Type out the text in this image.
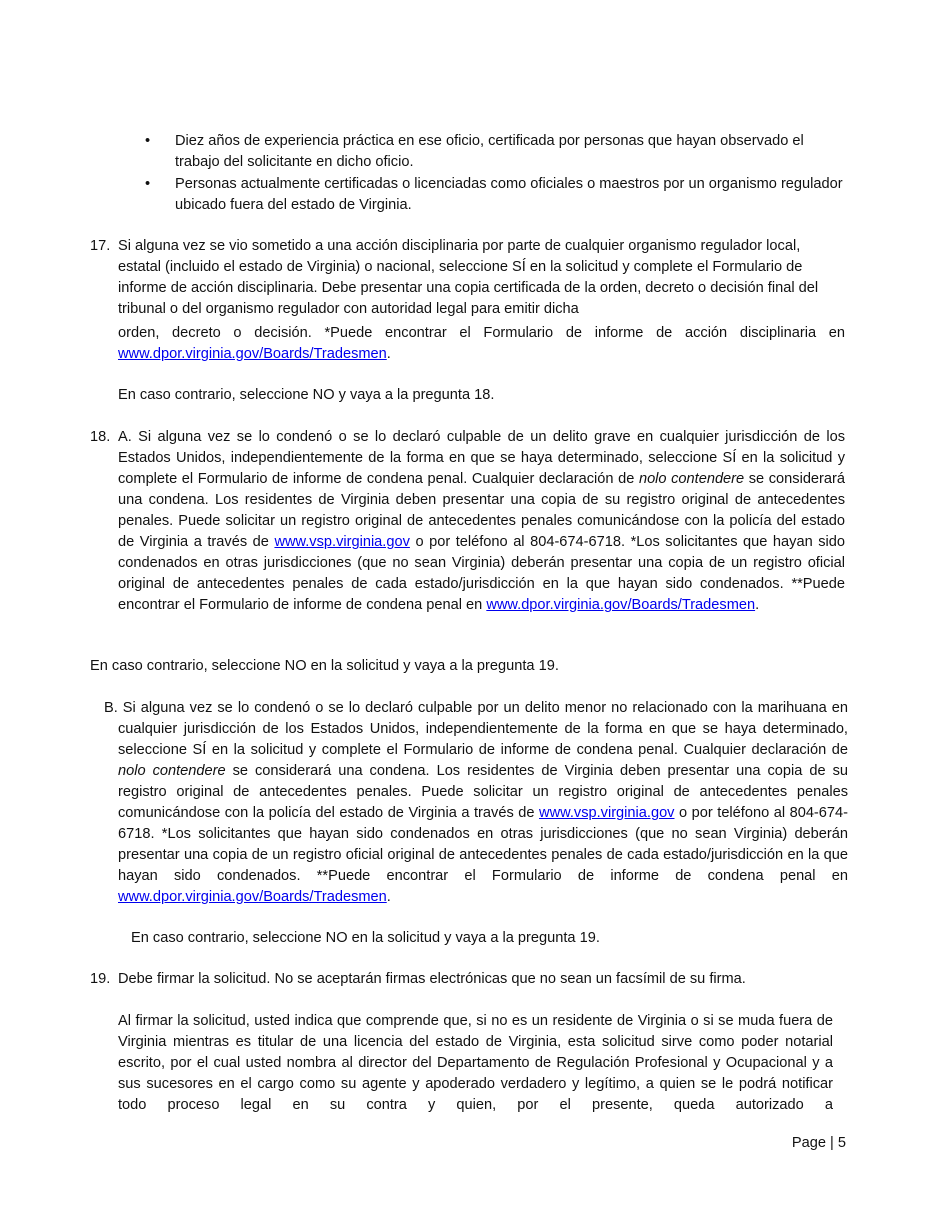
•	Diez años de experiencia práctica en ese oficio, certificada por personas que hayan observado el trabajo del solicitante en dicho oficio.
•	Personas actualmente certificadas o licenciadas como oficiales o maestros por un organismo regulador ubicado fuera del estado de Virginia.
17. Si alguna vez se vio sometido a una acción disciplinaria por parte de cualquier organismo regulador local, estatal (incluido el estado de Virginia) o nacional, seleccione SÍ en la solicitud y complete el Formulario de informe de acción disciplinaria. Debe presentar una copia certificada de la orden, decreto o decisión final del tribunal o del organismo regulador con autoridad legal para emitir dicha
orden, decreto o decisión. *Puede encontrar el Formulario de informe de acción disciplinaria en www.dpor.virginia.gov/Boards/Tradesmen.
En caso contrario, seleccione NO y vaya a la pregunta 18.
18. A. Si alguna vez se lo condenó o se lo declaró culpable de un delito grave en cualquier jurisdicción de los Estados Unidos, independientemente de la forma en que se haya determinado, seleccione SÍ en la solicitud y complete el Formulario de informe de condena penal. Cualquier declaración de nolo contendere se considerará una condena. Los residentes de Virginia deben presentar una copia de su registro original de antecedentes penales. Puede solicitar un registro original de antecedentes penales comunicándose con la policía del estado de Virginia a través de www.vsp.virginia.gov o por teléfono al 804-674-6718. *Los solicitantes que hayan sido condenados en otras jurisdicciones (que no sean Virginia) deberán presentar una copia de un registro oficial original de antecedentes penales de cada estado/jurisdicción en la que hayan sido condenados. **Puede encontrar el Formulario de informe de condena penal en www.dpor.virginia.gov/Boards/Tradesmen.
En caso contrario, seleccione NO en la solicitud y vaya a la pregunta 19.
B. Si alguna vez se lo condenó o se lo declaró culpable por un delito menor no relacionado con la marihuana en cualquier jurisdicción de los Estados Unidos, independientemente de la forma en que se haya determinado, seleccione SÍ en la solicitud y complete el Formulario de informe de condena penal. Cualquier declaración de nolo contendere se considerará una condena. Los residentes de Virginia deben presentar una copia de su registro original de antecedentes penales. Puede solicitar un registro original de antecedentes penales comunicándose con la policía del estado de Virginia a través de www.vsp.virginia.gov o por teléfono al 804-674-6718. *Los solicitantes que hayan sido condenados en otras jurisdicciones (que no sean Virginia) deberán presentar una copia de un registro oficial original de antecedentes penales de cada estado/jurisdicción en la que hayan sido condenados. **Puede encontrar el Formulario de informe de condena penal en www.dpor.virginia.gov/Boards/Tradesmen.
En caso contrario, seleccione NO en la solicitud y vaya a la pregunta 19.
19. Debe firmar la solicitud. No se aceptarán firmas electrónicas que no sean un facsímil de su firma.
Al firmar la solicitud, usted indica que comprende que, si no es un residente de Virginia o si se muda fuera de Virginia mientras es titular de una licencia del estado de Virginia, esta solicitud sirve como poder notarial escrito, por el cual usted nombra al director del Departamento de Regulación Profesional y Ocupacional y a sus sucesores en el cargo como su agente y apoderado verdadero y legítimo, a quien se le podrá notificar todo proceso legal en su contra y quien, por el presente, queda autorizado a
Page | 5
